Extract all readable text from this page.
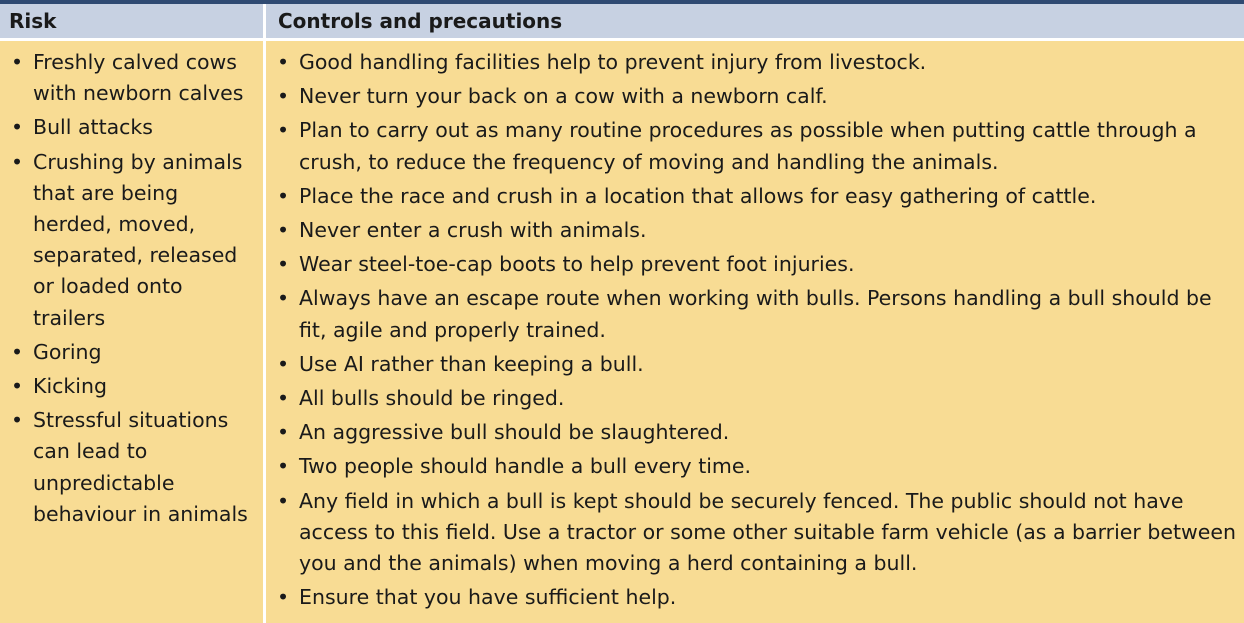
Risk	Controls and precautions
• Freshly calved cows with newborn calves
• Bull attacks
• Crushing by animals that are being herded, moved, separated, released or loaded onto trailers
• Goring
• Kicking
• Stressful situations can lead to unpredictable behaviour in animals
• Good handling facilities help to prevent injury from livestock.
• Never turn your back on a cow with a newborn calf.
• Plan to carry out as many routine procedures as possible when putting cattle through a crush, to reduce the frequency of moving and handling the animals.
• Place the race and crush in a location that allows for easy gathering of cattle.
• Never enter a crush with animals.
• Wear steel-toe-cap boots to help prevent foot injuries.
• Always have an escape route when working with bulls. Persons handling a bull should be fit, agile and properly trained.
• Use AI rather than keeping a bull.
• All bulls should be ringed.
• An aggressive bull should be slaughtered.
• Two people should handle a bull every time.
• Any field in which a bull is kept should be securely fenced. The public should not have access to this field. Use a tractor or some other suitable farm vehicle (as a barrier between you and the animals) when moving a herd containing a bull.
• Ensure that you have sufficient help.
